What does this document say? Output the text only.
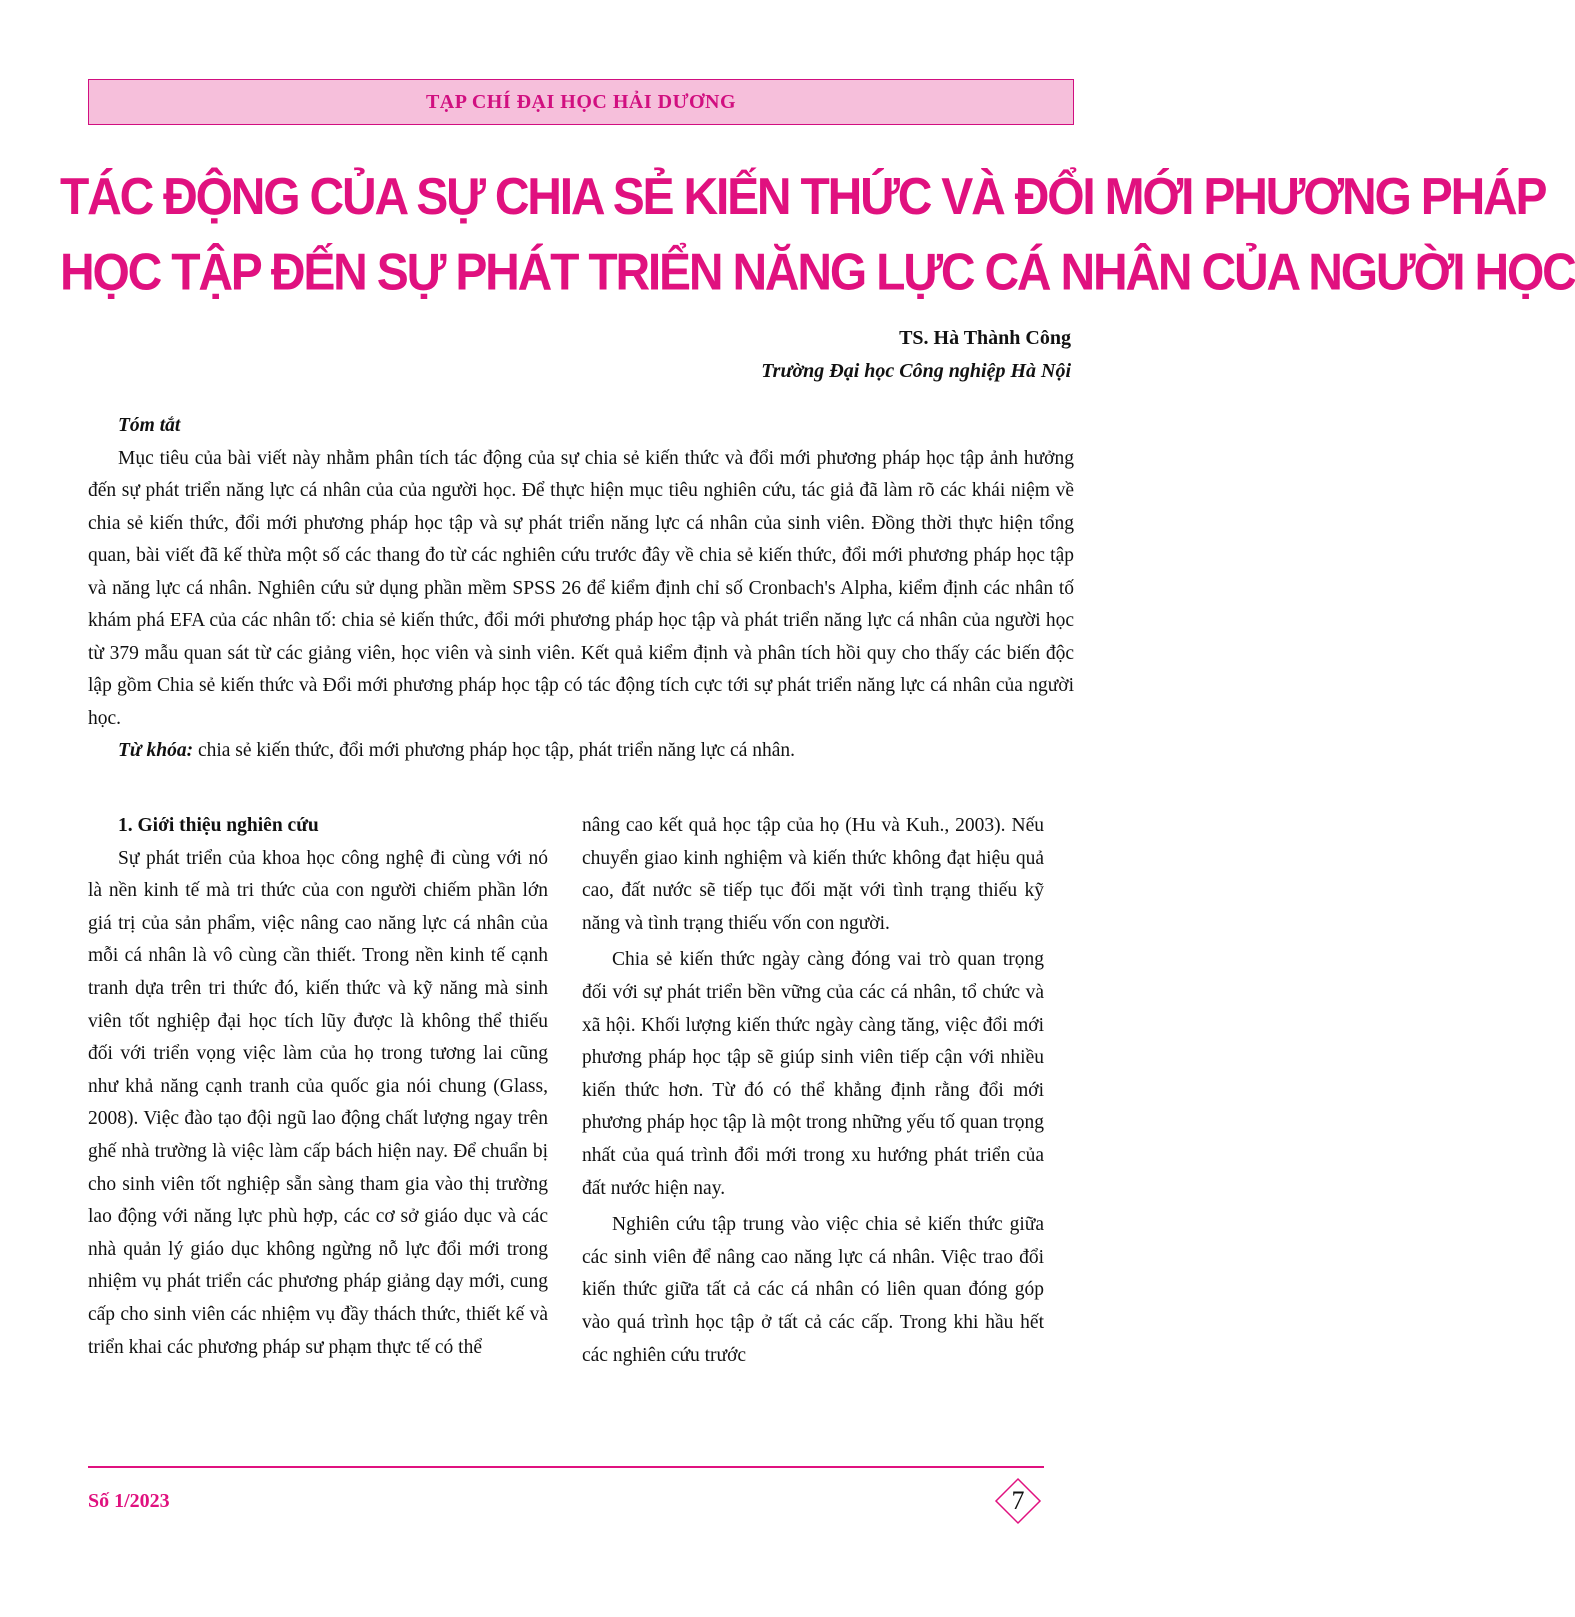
TẠP CHÍ ĐẠI HỌC HẢI DƯƠNG
TÁC ĐỘNG CỦA SỰ CHIA SẺ KIẾN THỨC VÀ ĐỔI MỚI PHƯƠNG PHÁP
HỌC TẬP ĐẾN SỰ PHÁT TRIỂN NĂNG LỰC CÁ NHÂN CỦA NGƯỜI HỌC
TS. Hà Thành Công
Trường Đại học Công nghiệp Hà Nội
Tóm tắt

Mục tiêu của bài viết này nhằm phân tích tác động của sự chia sẻ kiến thức và đổi mới phương pháp học tập ảnh hưởng đến sự phát triển năng lực cá nhân của của người học. Để thực hiện mục tiêu nghiên cứu, tác giả đã làm rõ các khái niệm về chia sẻ kiến thức, đổi mới phương pháp học tập và sự phát triển năng lực cá nhân của sinh viên. Đồng thời thực hiện tổng quan, bài viết đã kế thừa một số các thang đo từ các nghiên cứu trước đây về chia sẻ kiến thức, đổi mới phương pháp học tập và năng lực cá nhân. Nghiên cứu sử dụng phần mềm SPSS 26 để kiểm định chỉ số Cronbach's Alpha, kiểm định các nhân tố khám phá EFA của các nhân tố: chia sẻ kiến thức, đổi mới phương pháp học tập và phát triển năng lực cá nhân của người học từ 379 mẫu quan sát từ các giảng viên, học viên và sinh viên. Kết quả kiểm định và phân tích hồi quy cho thấy các biến độc lập gồm Chia sẻ kiến thức và Đổi mới phương pháp học tập có tác động tích cực tới sự phát triển năng lực cá nhân của người học.

Từ khóa: chia sẻ kiến thức, đổi mới phương pháp học tập, phát triển năng lực cá nhân.

1. Giới thiệu nghiên cứu

Sự phát triển của khoa học công nghệ đi cùng với nó là nền kinh tế mà tri thức của con người chiếm phần lớn giá trị của sản phẩm, việc nâng cao năng lực cá nhân của mỗi cá nhân là vô cùng cần thiết. Trong nền kinh tế cạnh tranh dựa trên tri thức đó, kiến thức và kỹ năng mà sinh viên tốt nghiệp đại học tích lũy được là không thể thiếu đối với triển vọng việc làm của họ trong tương lai cũng như khả năng cạnh tranh của quốc gia nói chung (Glass, 2008). Việc đào tạo đội ngũ lao động chất lượng ngay trên ghế nhà trường là việc làm cấp bách hiện nay. Để chuẩn bị cho sinh viên tốt nghiệp sẵn sàng tham gia vào thị trường lao động với năng lực phù hợp, các cơ sở giáo dục và các nhà quản lý giáo dục không ngừng nỗ lực đổi mới trong nhiệm vụ phát triển các phương pháp giảng dạy mới, cung cấp cho sinh viên các nhiệm vụ đầy thách thức, thiết kế và triển khai các phương pháp sư phạm thực tế có thể

nâng cao kết quả học tập của họ (Hu và Kuh., 2003). Nếu chuyển giao kinh nghiệm và kiến thức không đạt hiệu quả cao, đất nước sẽ tiếp tục đối mặt với tình trạng thiếu kỹ năng và tình trạng thiếu vốn con người.

Chia sẻ kiến thức ngày càng đóng vai trò quan trọng đối với sự phát triển bền vững của các cá nhân, tổ chức và xã hội. Khối lượng kiến thức ngày càng tăng, việc đổi mới phương pháp học tập sẽ giúp sinh viên tiếp cận với nhiều kiến thức hơn. Từ đó có thể khẳng định rằng đổi mới phương pháp học tập là một trong những yếu tố quan trọng nhất của quá trình đổi mới trong xu hướng phát triển của đất nước hiện nay.

Nghiên cứu tập trung vào việc chia sẻ kiến thức giữa các sinh viên để nâng cao năng lực cá nhân. Việc trao đổi kiến thức giữa tất cả các cá nhân có liên quan đóng góp vào quá trình học tập ở tất cả các cấp. Trong khi hầu hết các nghiên cứu trước

Số 1/2023	7
